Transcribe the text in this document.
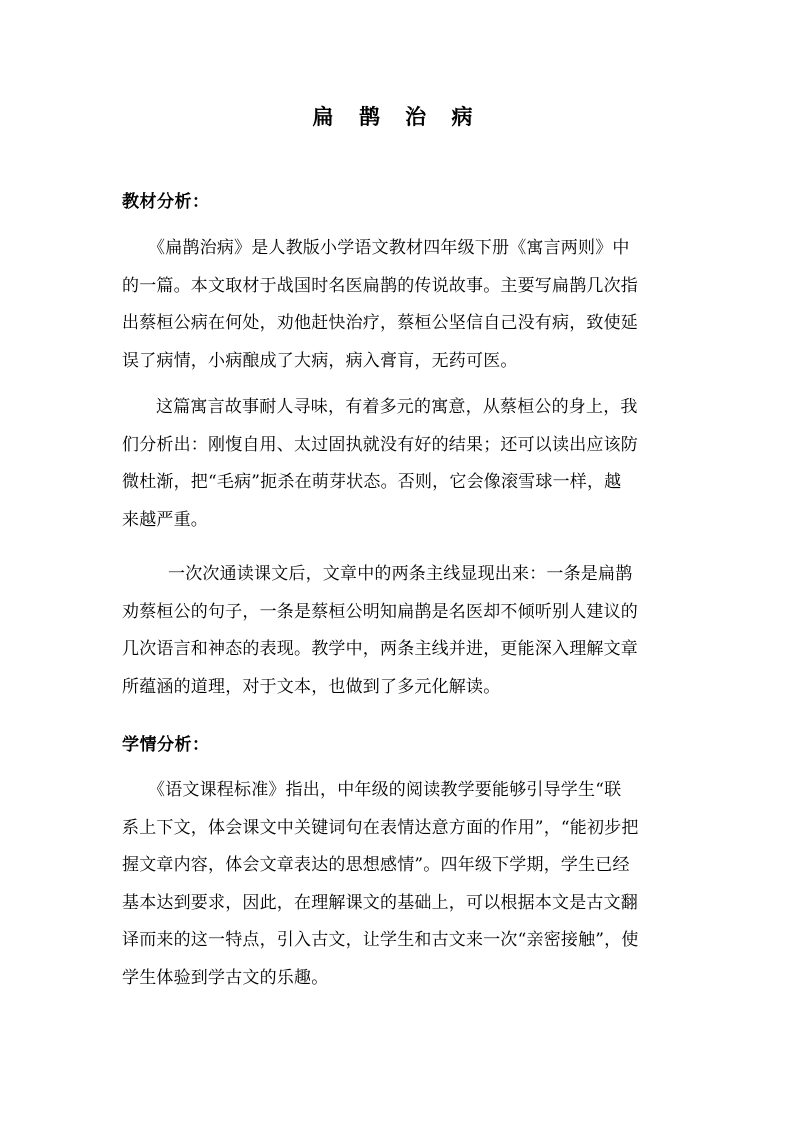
扁 鹊 治 病
教材分析：
《扁鹊治病》是人教版小学语文教材四年级下册《寓言两则》中
的一篇。本文取材于战国时名医扁鹊的传说故事。主要写扁鹊几次指
出蔡桓公病在何处，劝他赶快治疗，蔡桓公坚信自己没有病，致使延
误了病情，小病酿成了大病，病入膏肓，无药可医。
这篇寓言故事耐人寻味，有着多元的寓意，从蔡桓公的身上，我
们分析出：刚愎自用、太过固执就没有好的结果；还可以读出应该防
微杜渐，把“毛病”扼杀在萌芽状态。否则，它会像滚雪球一样，越
来越严重。
一次次通读课文后，文章中的两条主线显现出来：一条是扁鹊
劝蔡桓公的句子，一条是蔡桓公明知扁鹊是名医却不倾听别人建议的
几次语言和神态的表现。教学中，两条主线并进，更能深入理解文章
所蕴涵的道理，对于文本，也做到了多元化解读。
学情分析：
《语文课程标准》指出，中年级的阅读教学要能够引导学生“联
系上下文，体会课文中关键词句在表情达意方面的作用”，“能初步把
握文章内容，体会文章表达的思想感情”。四年级下学期，学生已经
基本达到要求，因此，在理解课文的基础上，可以根据本文是古文翻
译而来的这一特点，引入古文，让学生和古文来一次“亲密接触”，使
学生体验到学古文的乐趣。
